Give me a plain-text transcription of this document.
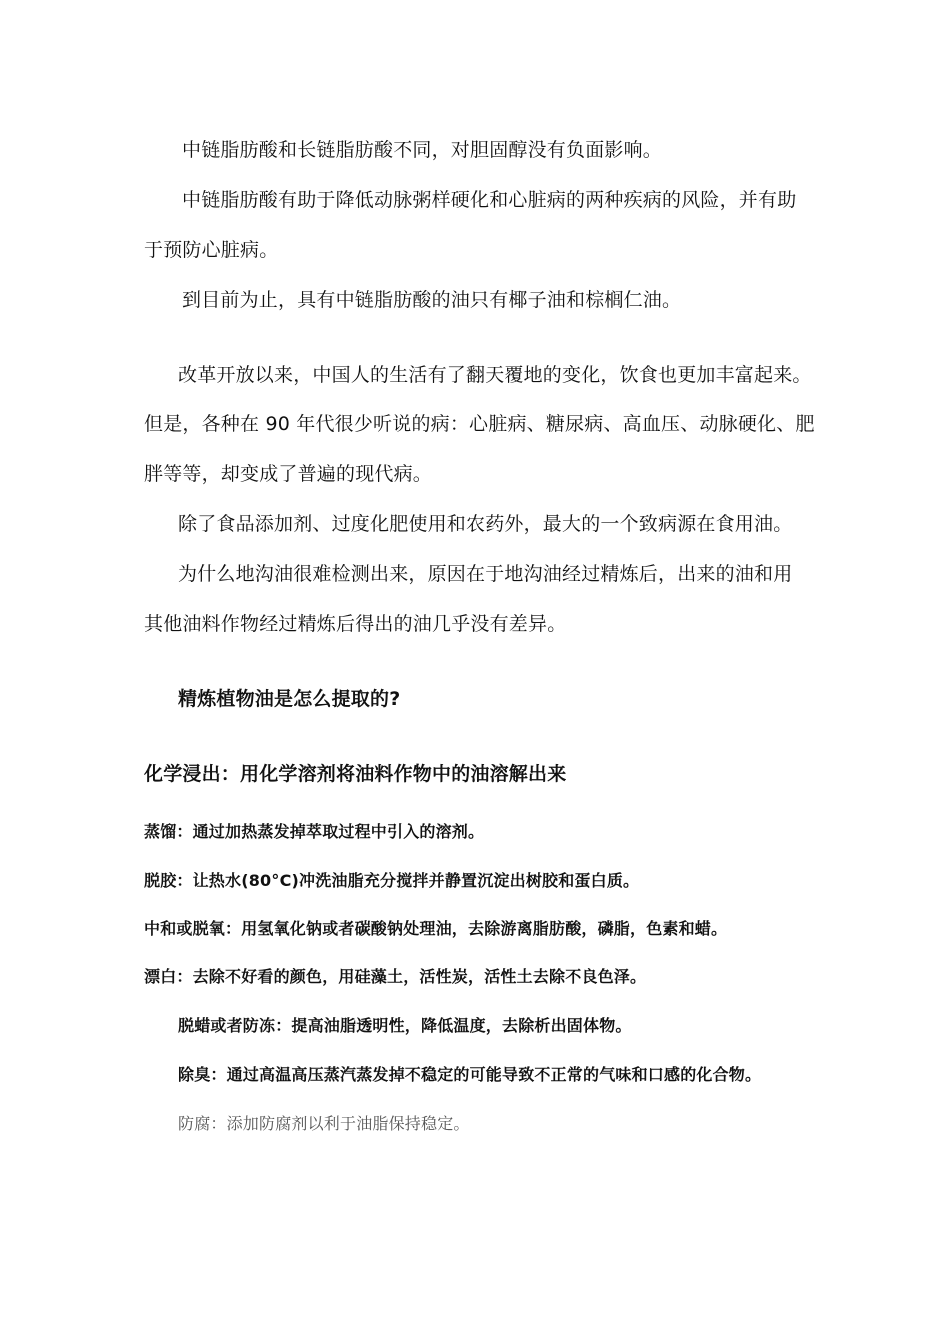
中链脂肪酸和长链脂肪酸不同，对胆固醇没有负面影响。
中链脂肪酸有助于降低动脉粥样硬化和心脏病的两种疾病的风险，并有助
于预防心脏病。
到目前为止，具有中链脂肪酸的油只有椰子油和棕榈仁油。
改革开放以来，中国人的生活有了翻天覆地的变化，饮食也更加丰富起来。
但是，各种在 90 年代很少听说的病：心脏病、糖尿病、高血压、动脉硬化、肥
胖等等，却变成了普遍的现代病。
除了食品添加剂、过度化肥使用和农药外，最大的一个致病源在食用油。
为什么地沟油很难检测出来，原因在于地沟油经过精炼后，出来的油和用
其他油料作物经过精炼后得出的油几乎没有差异。
精炼植物油是怎么提取的?
化学浸出：用化学溶剂将油料作物中的油溶解出来
蒸馏：通过加热蒸发掉萃取过程中引入的溶剂。
脱胶：让热水(80°C)冲洗油脂充分搅拌并静置沉淀出树胶和蛋白质。
中和或脱氧：用氢氧化钠或者碳酸钠处理油，去除游离脂肪酸，磷脂，色素和蜡。
漂白：去除不好看的颜色，用硅藻土，活性炭，活性土去除不良色泽。
脱蜡或者防冻：提高油脂透明性，降低温度，去除析出固体物。
除臭：通过高温高压蒸汽蒸发掉不稳定的可能导致不正常的气味和口感的化合物。
防腐：添加防腐剂以利于油脂保持稳定。
